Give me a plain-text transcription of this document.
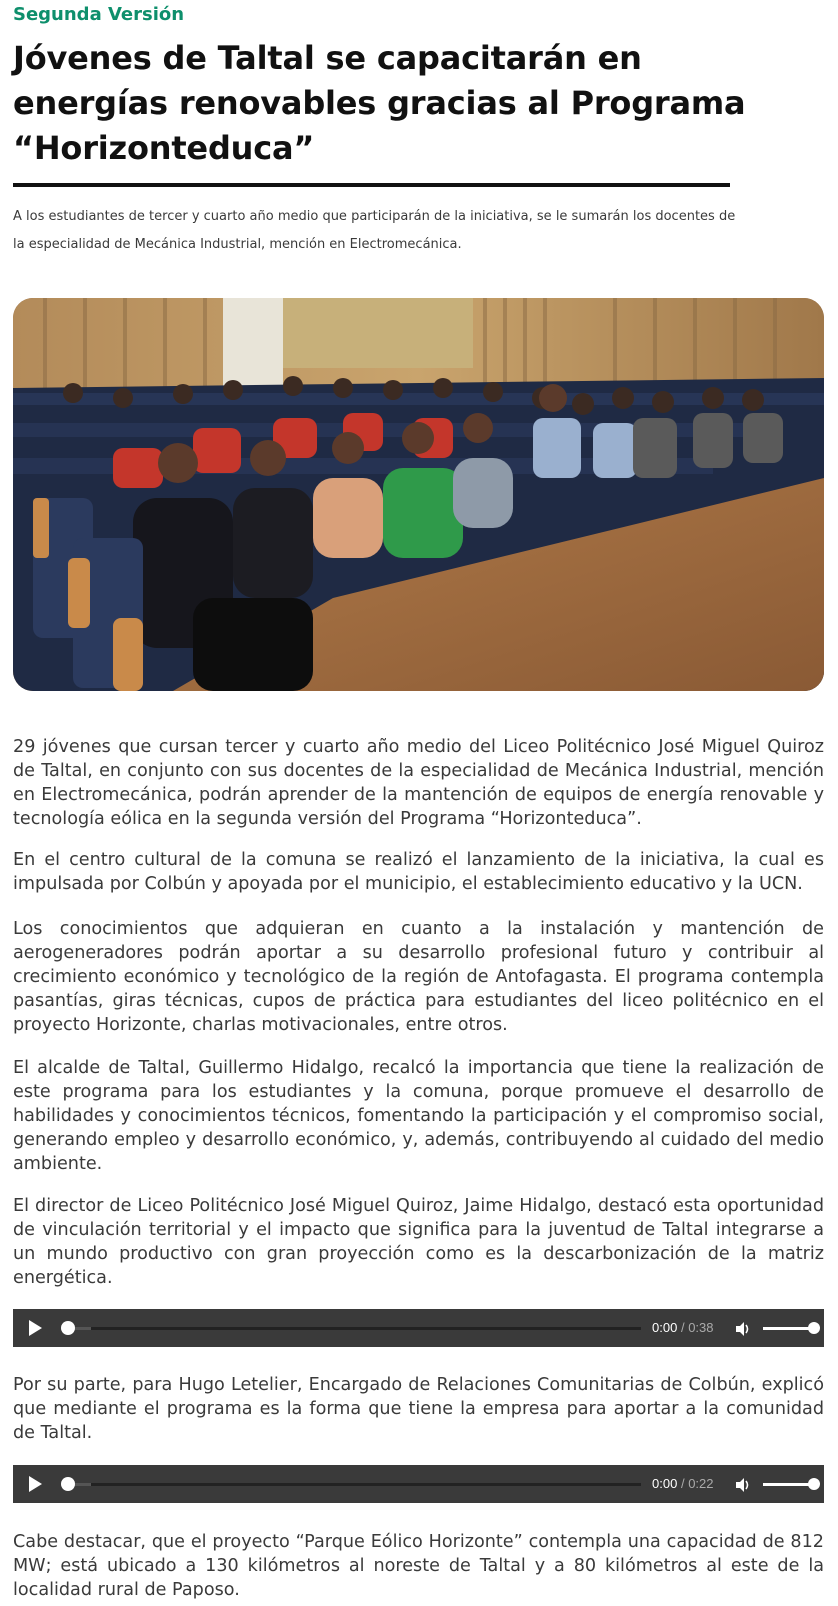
Segunda Versión
Jóvenes de Taltal se capacitarán en energías renovables gracias al Programa “Horizonteduca”

A los estudiantes de tercer y cuarto año medio que participarán de la iniciativa, se le sumarán los docentes de la especialidad de Mecánica Industrial, mención en Electromecánica.

29 jóvenes que cursan tercer y cuarto año medio del Liceo Politécnico José Miguel Quiroz de Taltal, en conjunto con sus docentes de la especialidad de Mecánica Industrial, mención en Electromecánica, podrán aprender de la mantención de equipos de energía renovable y tecnología eólica en la segunda versión del Programa “Horizonteduca”.

En el centro cultural de la comuna se realizó el lanzamiento de la iniciativa, la cual es impulsada por Colbún y apoyada por el municipio, el establecimiento educativo y la UCN.

Los conocimientos que adquieran en cuanto a la instalación y mantención de aerogeneradores podrán aportar a su desarrollo profesional futuro y contribuir al crecimiento económico y tecnológico de la región de Antofagasta. El programa contempla pasantías, giras técnicas, cupos de práctica para estudiantes del liceo politécnico en el proyecto Horizonte, charlas motivacionales, entre otros.

El alcalde de Taltal, Guillermo Hidalgo, recalcó la importancia que tiene la realización de este programa para los estudiantes y la comuna, porque promueve el desarrollo de habilidades y conocimientos técnicos, fomentando la participación y el compromiso social, generando empleo y desarrollo económico, y, además, contribuyendo al cuidado del medio ambiente.

El director de Liceo Politécnico José Miguel Quiroz, Jaime Hidalgo, destacó esta oportunidad de vinculación territorial y el impacto que significa para la juventud de Taltal integrarse a un mundo productivo con gran proyección como es la descarbonización de la matriz energética.

0:00 / 0:38

Por su parte, para Hugo Letelier, Encargado de Relaciones Comunitarias de Colbún, explicó que mediante el programa es la forma que tiene la empresa para aportar a la comunidad de Taltal.

0:00 / 0:22

Cabe destacar, que el proyecto “Parque Eólico Horizonte” contempla una capacidad de 812 MW; está ubicado a 130 kilómetros al noreste de Taltal y a 80 kilómetros al este de la localidad rural de Paposo.
